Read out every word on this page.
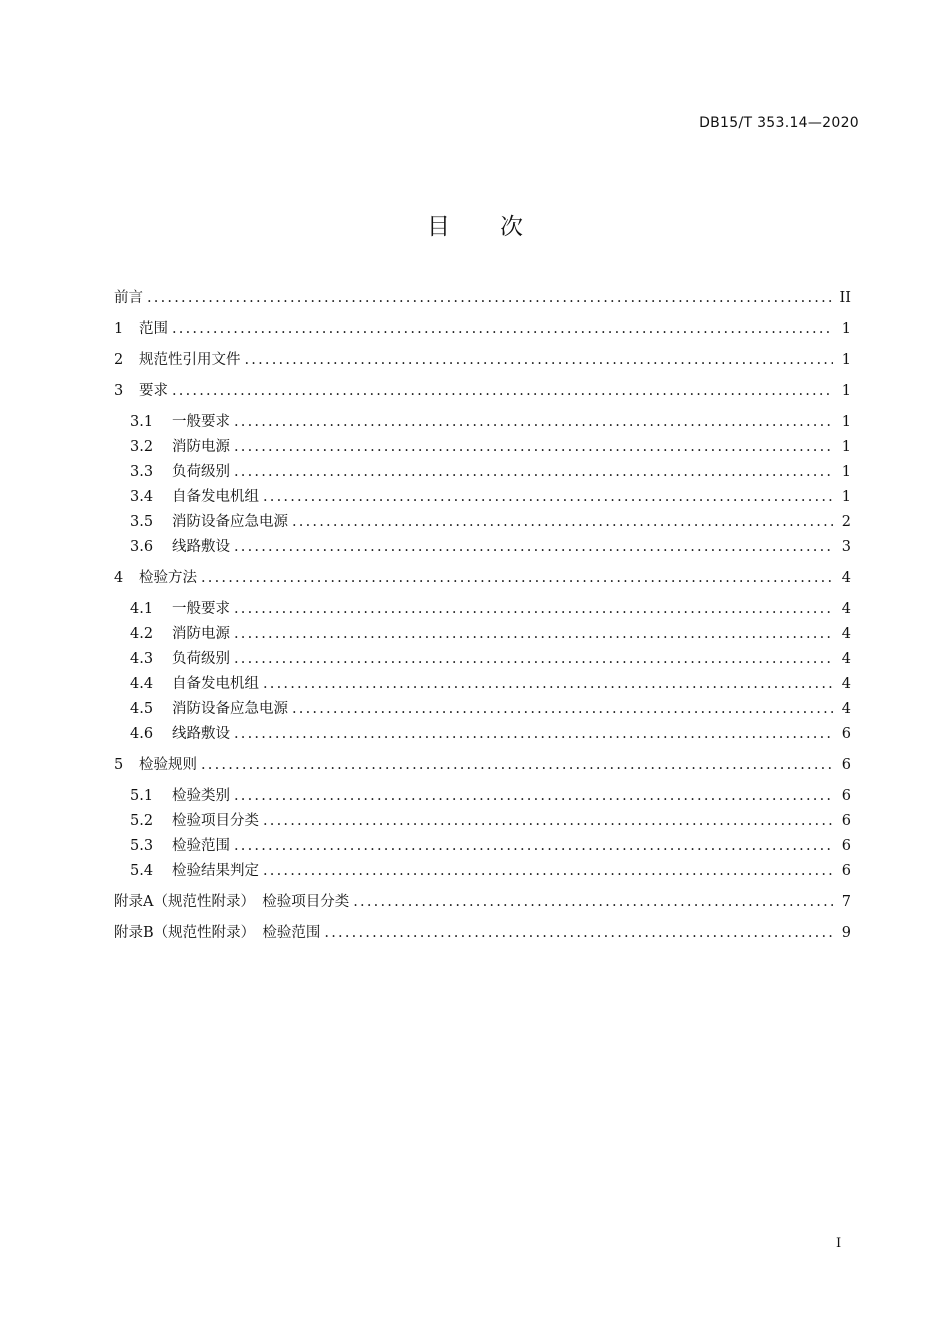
DB15/T 353.14—2020
目次
前言 .....	II
1	范围 .....	1
2	规范性引用文件 .....	1
3	要求 .....	1
3.1	一般要求 .....	1
3.2	消防电源 .....	1
3.3	负荷级别 .....	1
3.4	自备发电机组 .....	1
3.5	消防设备应急电源 .....	2
3.6	线路敷设 .....	3
4	检验方法 .....	4
4.1	一般要求 .....	4
4.2	消防电源 .....	4
4.3	负荷级别 .....	4
4.4	自备发电机组 .....	4
4.5	消防设备应急电源 .....	4
4.6	线路敷设 .....	6
5	检验规则 .....	6
5.1	检验类别 .....	6
5.2	检验项目分类 .....	6
5.3	检验范围 .....	6
5.4	检验结果判定 .....	6
附录A（规范性附录）　检验项目分类 .....	7
附录B（规范性附录）　检验范围 .....	9
I
